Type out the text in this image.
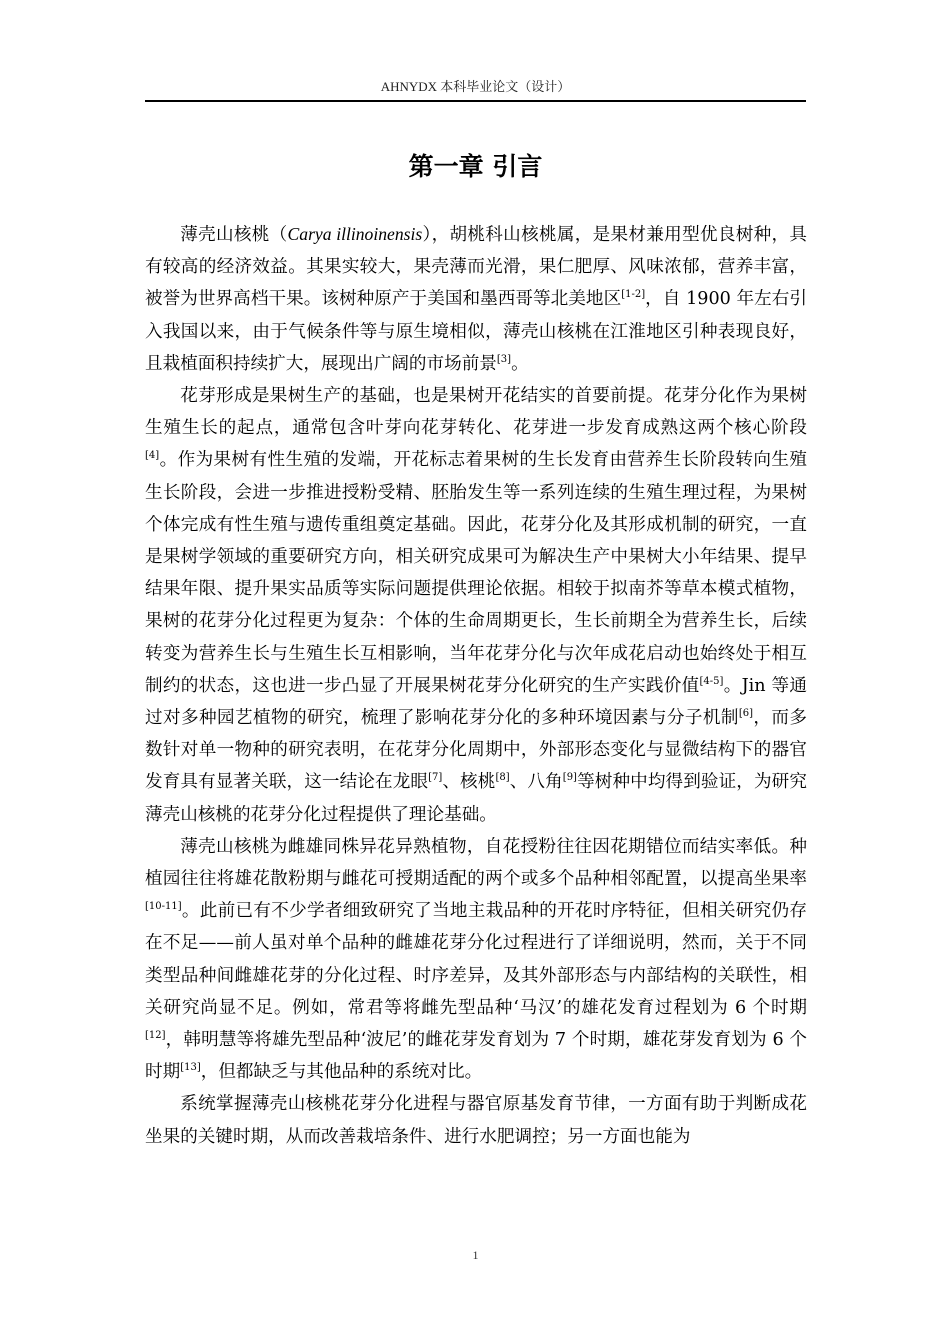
AHNYDX 本科毕业论文（设计）
第一章 引言

薄壳山核桃（Carya illinoinensis），胡桃科山核桃属，是果材兼用型优良树种，具有较高的经济效益。其果实较大，果壳薄而光滑，果仁肥厚、风味浓郁，营养丰富，被誉为世界高档干果。该树种原产于美国和墨西哥等北美地区[1-2]，自 1900 年左右引入我国以来，由于气候条件等与原生境相似，薄壳山核桃在江淮地区引种表现良好，且栽植面积持续扩大，展现出广阔的市场前景[3]。

花芽形成是果树生产的基础，也是果树开花结实的首要前提。花芽分化作为果树生殖生长的起点，通常包含叶芽向花芽转化、花芽进一步发育成熟这两个核心阶段[4]。作为果树有性生殖的发端，开花标志着果树的生长发育由营养生长阶段转向生殖生长阶段，会进一步推进授粉受精、胚胎发生等一系列连续的生殖生理过程，为果树个体完成有性生殖与遗传重组奠定基础。因此，花芽分化及其形成机制的研究，一直是果树学领域的重要研究方向，相关研究成果可为解决生产中果树大小年结果、提早结果年限、提升果实品质等实际问题提供理论依据。相较于拟南芥等草本模式植物，果树的花芽分化过程更为复杂：个体的生命周期更长，生长前期全为营养生长，后续转变为营养生长与生殖生长互相影响，当年花芽分化与次年成花启动也始终处于相互制约的状态，这也进一步凸显了开展果树花芽分化研究的生产实践价值[4-5]。Jin 等通过对多种园艺植物的研究，梳理了影响花芽分化的多种环境因素与分子机制[6]，而多数针对单一物种的研究表明，在花芽分化周期中，外部形态变化与显微结构下的器官发育具有显著关联，这一结论在龙眼[7]、核桃[8]、八角[9]等树种中均得到验证，为研究薄壳山核桃的花芽分化过程提供了理论基础。

薄壳山核桃为雌雄同株异花异熟植物，自花授粉往往因花期错位而结实率低。种植园往往将雄花散粉期与雌花可授期适配的两个或多个品种相邻配置，以提高坐果率[10-11]。此前已有不少学者细致研究了当地主栽品种的开花时序特征，但相关研究仍存在不足——前人虽对单个品种的雌雄花芽分化过程进行了详细说明，然而，关于不同类型品种间雌雄花芽的分化过程、时序差异，及其外部形态与内部结构的关联性，相关研究尚显不足。例如，常君等将雌先型品种‘马汉’的雄花发育过程划为 6 个时期[12]，韩明慧等将雄先型品种‘波尼’的雌花芽发育划为 7 个时期，雄花芽发育划为 6 个时期[13]，但都缺乏与其他品种的系统对比。

系统掌握薄壳山核桃花芽分化进程与器官原基发育节律，一方面有助于判断成花坐果的关键时期，从而改善栽培条件、进行水肥调控；另一方面也能为

1
